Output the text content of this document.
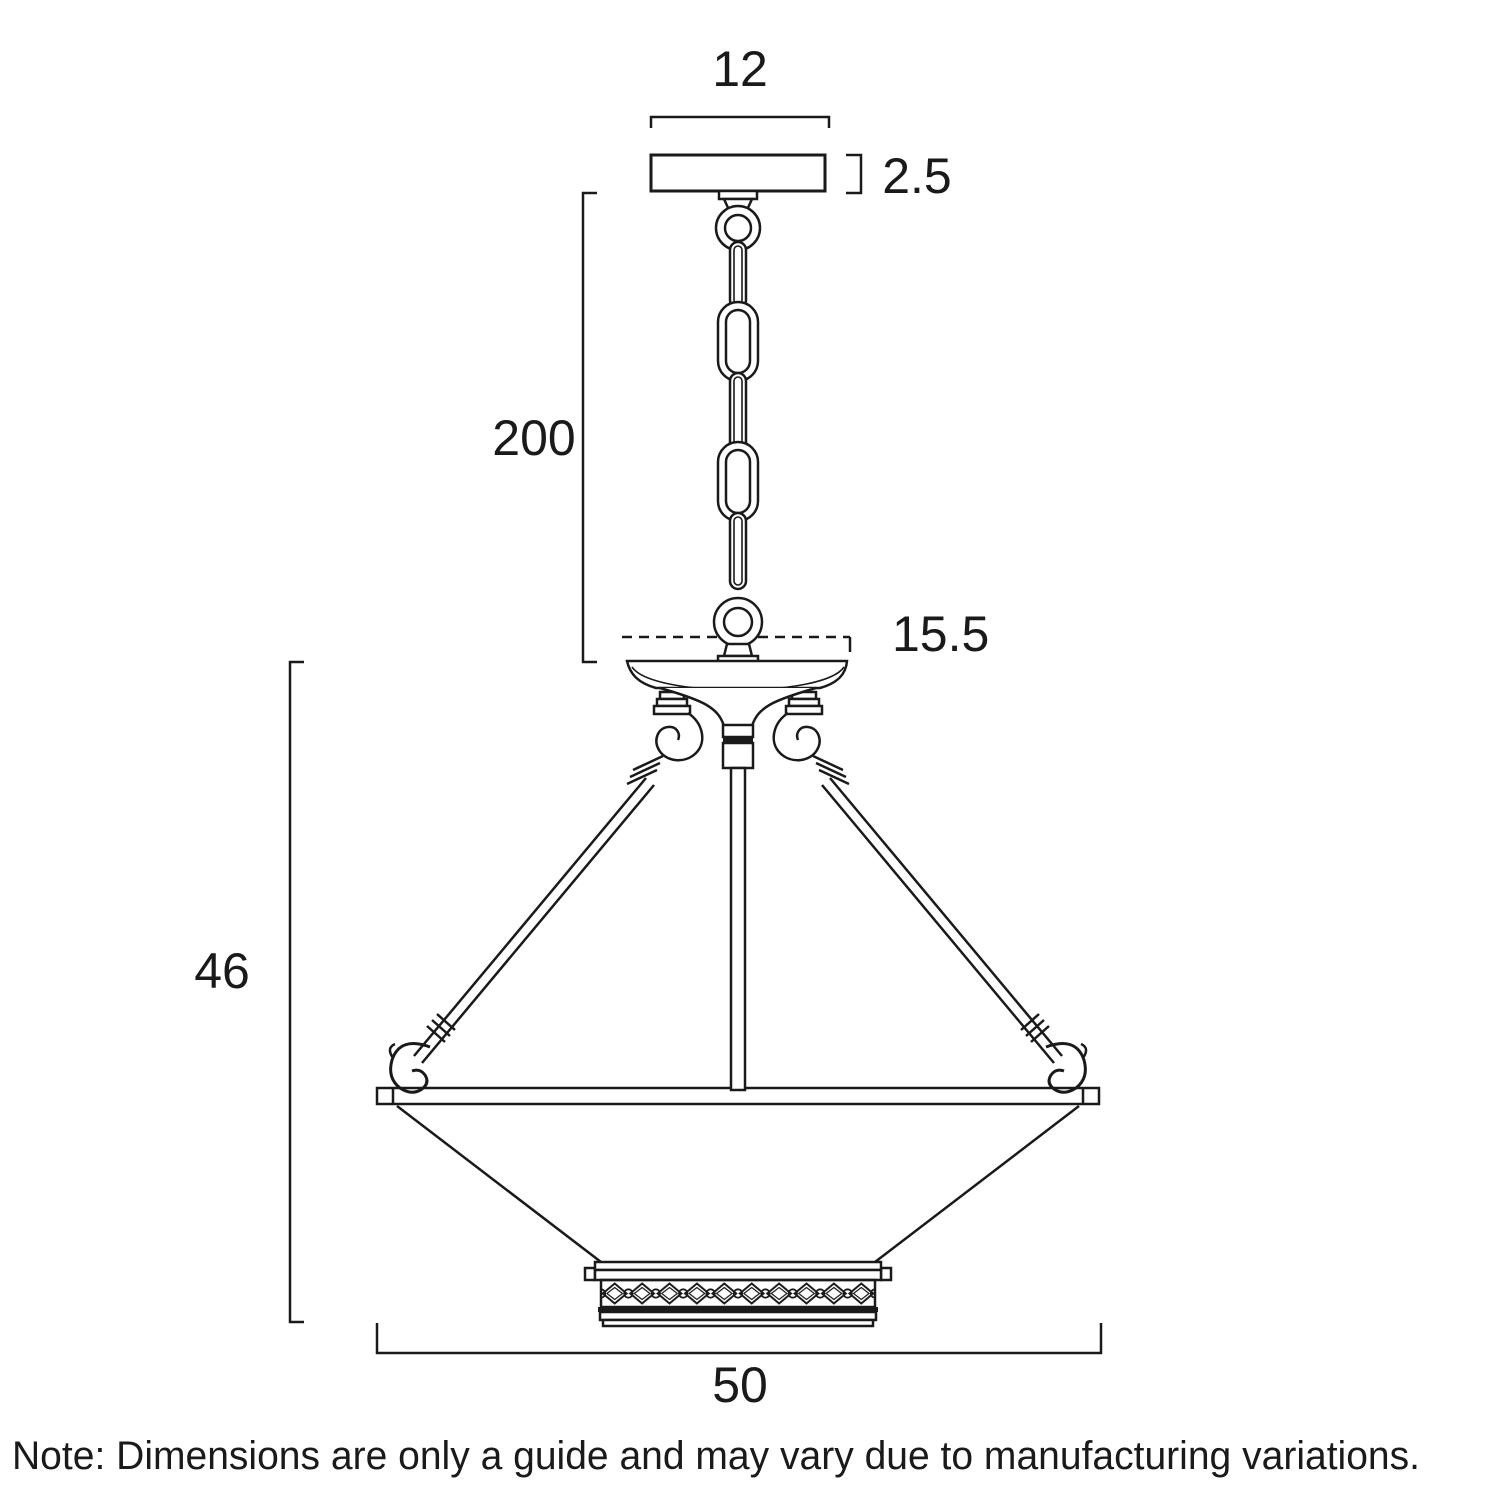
12
2.5
200
15.5
46
50
Note: Dimensions are only a guide and may vary due to manufacturing variations.
